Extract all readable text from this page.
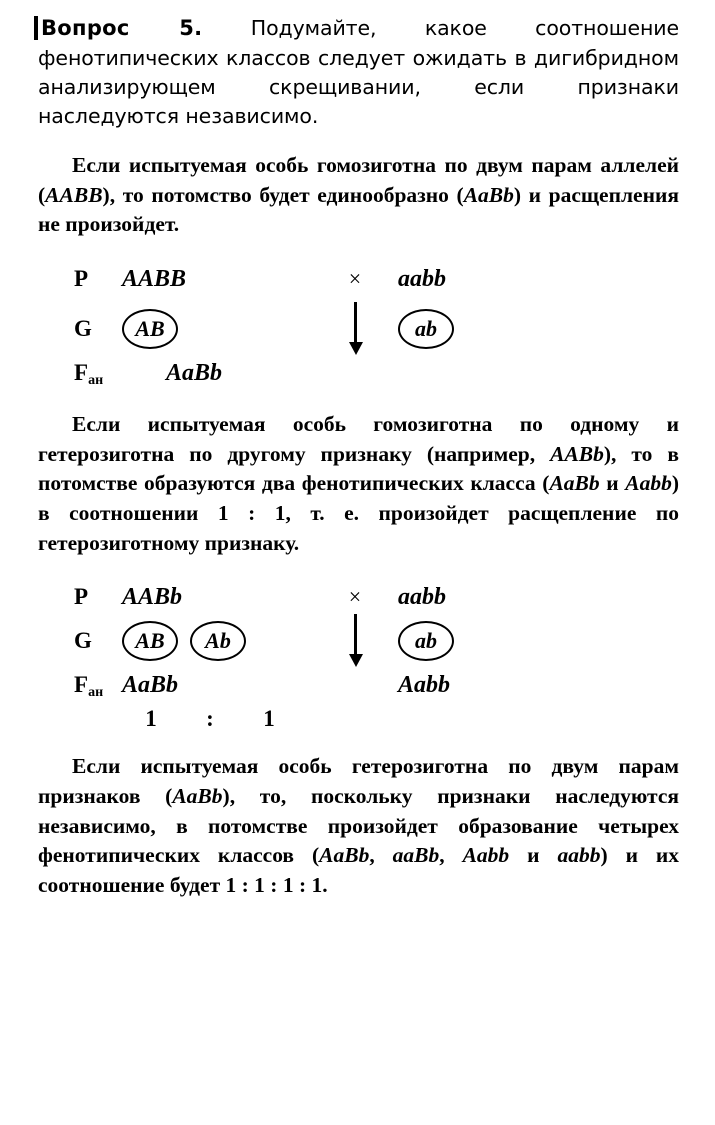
Вопрос 5. Подумайте, какое соотношение фенотипических классов следует ожидать в дигибридном анализирующем скрещивании, если признаки наследуются независимо.

Если испытуемая особь гомозиготна по двум парам аллелей (AABB), то потомство будет единообразно (AaBb) и расщепления не произойдет.

P	AABB	× aabb
G	AB	ab
$F_{ан}$	AaBb

Если испытуемая особь гомозиготна по одному и гетерозиготна по другому признаку (например, AABb), то в потомстве образуются два фенотипических класса (AaBb и Aabb) в соотношении 1 : 1, т. е. произойдет расщепление по гетерозиготному признаку.

P	AABb	× aabb
G	AB	Ab	ab
$F_{ан}$ AaBb	Aabb
1	:	1

Если испытуемая особь гетерозиготна по двум парам признаков (AaBb), то, поскольку признаки наследуются независимо, в потомстве произойдет образование четырех фенотипических классов (AaBb, aaBb, Aabb и aabb) и их соотношение будет 1 : 1 : 1 : 1.
